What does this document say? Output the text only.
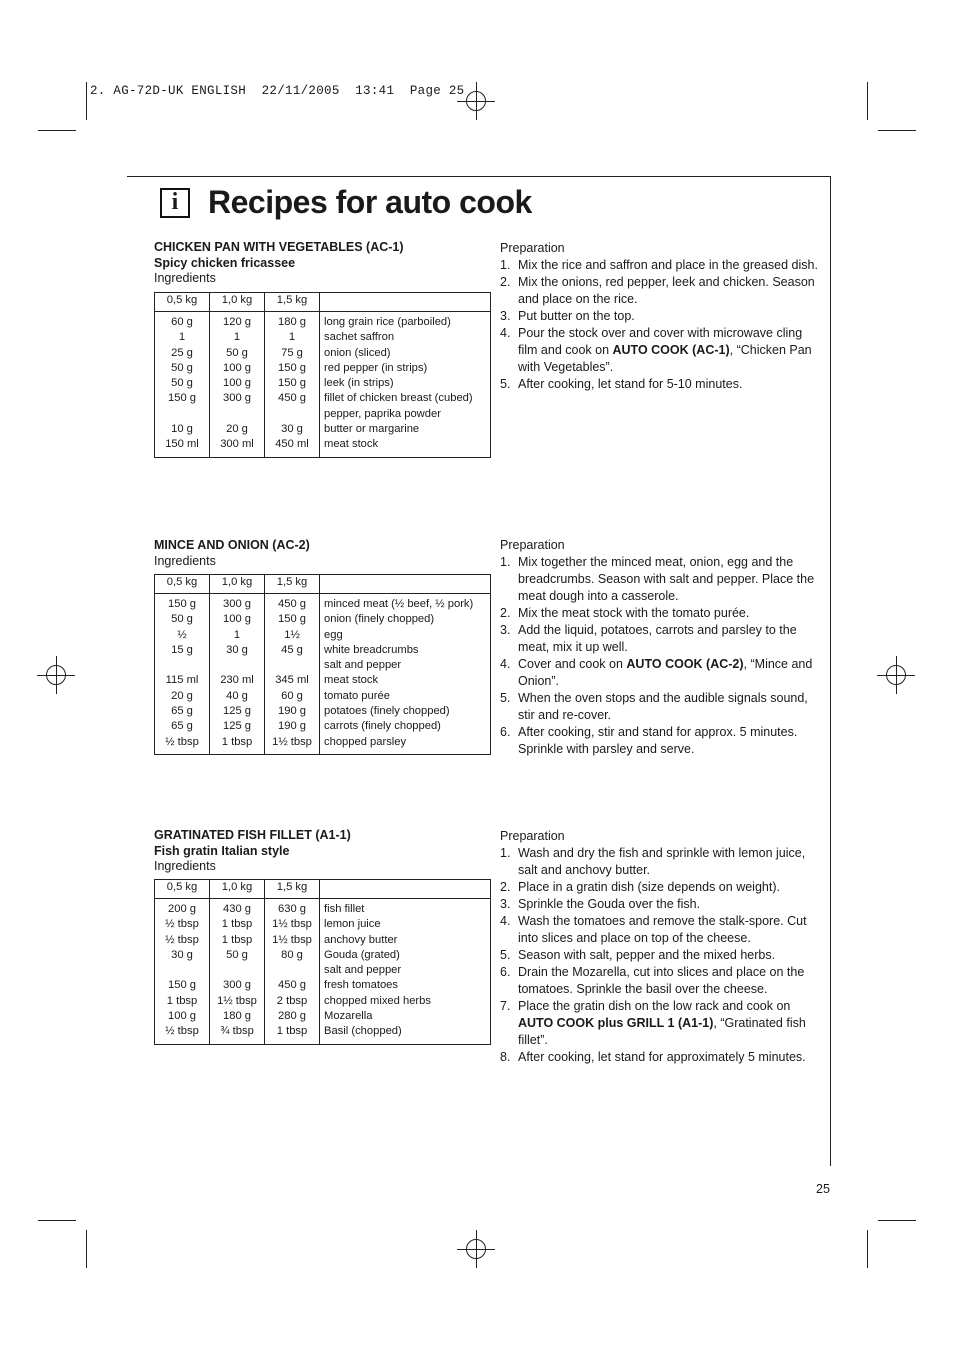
2. AG-72D-UK ENGLISH  22/11/2005  13:41  Page 25
i Recipes for auto cook
CHICKEN PAN WITH VEGETABLES (AC-1)
Spicy chicken fricassee
Ingredients
0,5 kg	1,0 kg	1,5 kg	
60 g	120 g	180 g	long grain rice (parboiled)
1	1	1	sachet saffron
25 g	50 g	75 g	onion (sliced)
50 g	100 g	150 g	red pepper (in strips)
50 g	100 g	150 g	leek (in strips)
150 g	300 g	450 g	fillet of chicken breast (cubed)
			pepper, paprika powder
10 g	20 g	30 g	butter or margarine
150 ml	300 ml	450 ml	meat stock
Preparation
1. Mix the rice and saffron and place in the greased dish.
2. Mix the onions, red pepper, leek and chicken. Season and place on the rice.
3. Put butter on the top.
4. Pour the stock over and cover with microwave cling film and cook on AUTO COOK (AC-1), “Chicken Pan with Vegetables”.
5. After cooking, let stand for 5-10 minutes.
MINCE AND ONION (AC-2)
Ingredients
0,5 kg	1,0 kg	1,5 kg	
150 g	300 g	450 g	minced meat (½ beef, ½ pork)
50 g	100 g	150 g	onion (finely chopped)
½	1	1½	egg
15 g	30 g	45 g	white breadcrumbs
			salt and pepper
115 ml	230 ml	345 ml	meat stock
20 g	40 g	60 g	tomato purée
65 g	125 g	190 g	potatoes (finely chopped)
65 g	125 g	190 g	carrots (finely chopped)
½ tbsp	1 tbsp	1½ tbsp	chopped parsley
Preparation
1. Mix together the minced meat, onion, egg and the breadcrumbs. Season with salt and pepper. Place the meat dough into a casserole.
2. Mix the meat stock with the tomato purée.
3. Add the liquid, potatoes, carrots and parsley to the meat, mix it up well.
4. Cover and cook on AUTO COOK (AC-2), “Mince and Onion”.
5. When the oven stops and the audible signals sound, stir and re-cover.
6. After cooking, stir and stand for approx. 5 minutes. Sprinkle with parsley and serve.
GRATINATED FISH FILLET (A1-1)
Fish gratin Italian style
Ingredients
0,5 kg	1,0 kg	1,5 kg	
200 g	430 g	630 g	fish fillet
½ tbsp	1 tbsp	1½ tbsp	lemon juice
½ tbsp	1 tbsp	1½ tbsp	anchovy butter
30 g	50 g	80 g	Gouda (grated)
			salt and pepper
150 g	300 g	450 g	fresh tomatoes
1 tbsp	1½ tbsp	2 tbsp	chopped mixed herbs
100 g	180 g	280 g	Mozarella
½ tbsp	¾ tbsp	1 tbsp	Basil (chopped)
Preparation
1. Wash and dry the fish and sprinkle with lemon juice, salt and anchovy butter.
2. Place in a gratin dish (size depends on weight).
3. Sprinkle the Gouda over the fish.
4. Wash the tomatoes and remove the stalk-spore. Cut into slices and place on top of the cheese.
5. Season with salt, pepper and the mixed herbs.
6. Drain the Mozarella, cut into slices and place on the tomatoes. Sprinkle the basil over the cheese.
7. Place the gratin dish on the low rack and cook on AUTO COOK plus GRILL 1 (A1-1), “Gratinated fish fillet”.
8. After cooking, let stand for approximately 5 minutes.
25
